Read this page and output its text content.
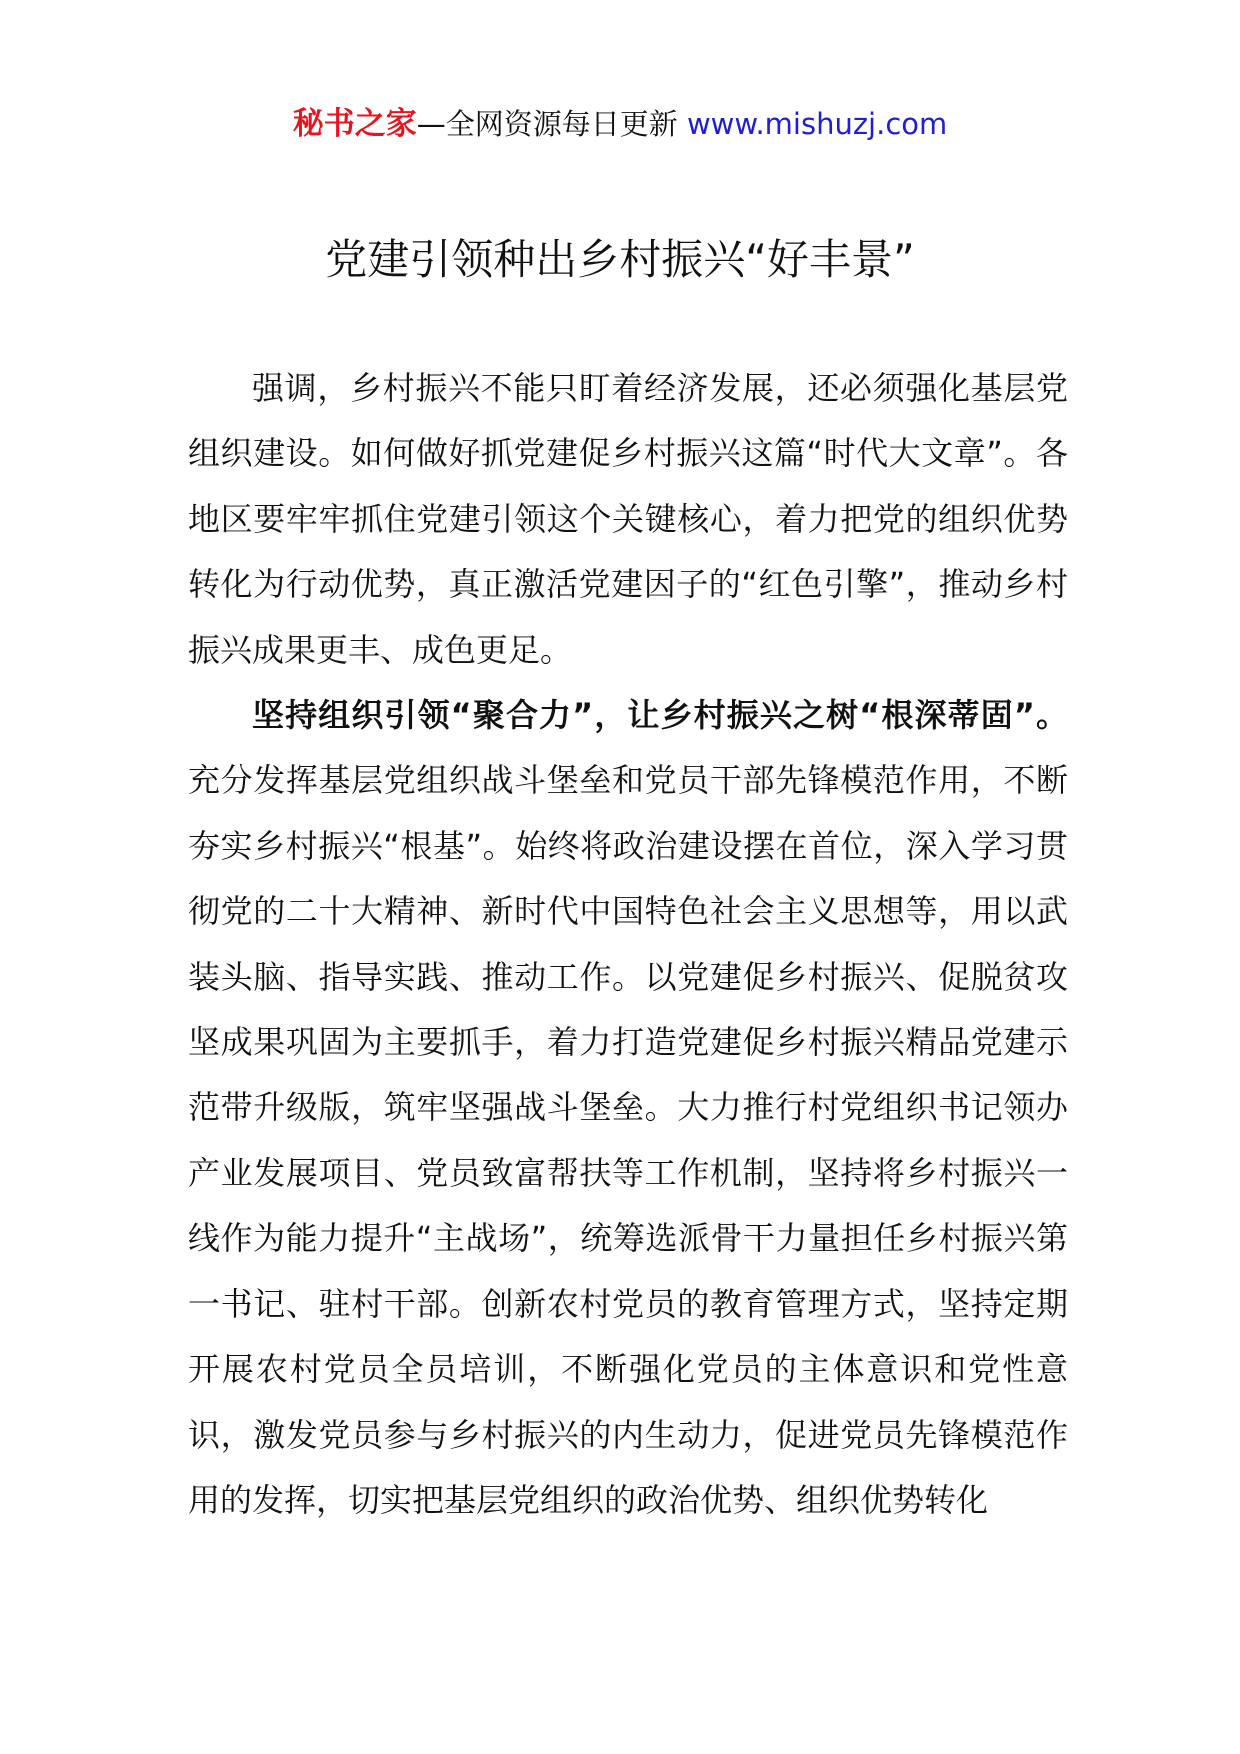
秘书之家—全网资源每日更新 www.mishuzj.com
党建引领种出乡村振兴“好丰景”

强调，乡村振兴不能只盯着经济发展，还必须强化基层党组织建设。如何做好抓党建促乡村振兴这篇“时代大文章”。各地区要牢牢抓住党建引领这个关键核心，着力把党的组织优势转化为行动优势，真正激活党建因子的“红色引擎”，推动乡村振兴成果更丰、成色更足。

坚持组织引领“聚合力”，让乡村振兴之树“根深蒂固”。充分发挥基层党组织战斗堡垒和党员干部先锋模范作用，不断夯实乡村振兴“根基”。始终将政治建设摆在首位，深入学习贯彻党的二十大精神、新时代中国特色社会主义思想等，用以武装头脑、指导实践、推动工作。以党建促乡村振兴、促脱贫攻坚成果巩固为主要抓手，着力打造党建促乡村振兴精品党建示范带升级版，筑牢坚强战斗堡垒。大力推行村党组织书记领办产业发展项目、党员致富帮扶等工作机制，坚持将乡村振兴一线作为能力提升“主战场”，统筹选派骨干力量担任乡村振兴第一书记、驻村干部。创新农村党员的教育管理方式，坚持定期开展农村党员全员培训，不断强化党员的主体意识和党性意识，激发党员参与乡村振兴的内生动力，促进党员先锋模范作用的发挥，切实把基层党组织的政治优势、组织优势转化
